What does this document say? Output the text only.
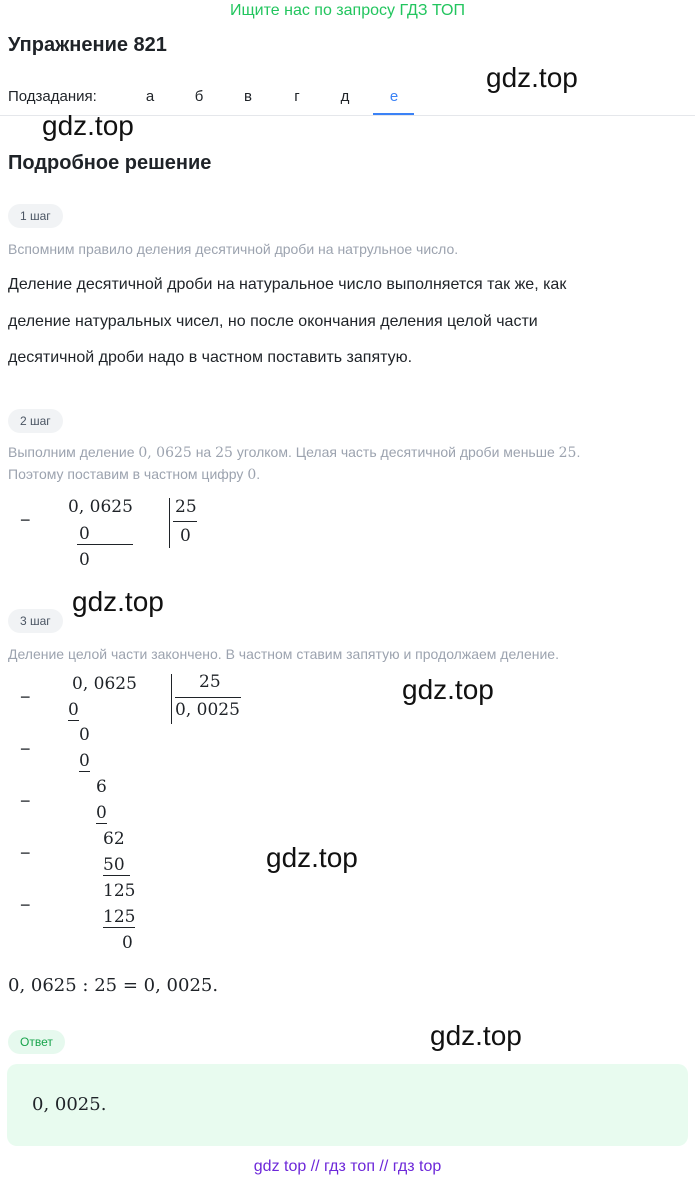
Ищите нас по запросу ГДЗ ТОП
Упражнение 821
Подзадания:	а	б	в	г	д	е
Подробное решение
1 шаг
Вспомним правило деления десятичной дроби на натрульное число.
Деление десятичной дроби на натуральное число выполняется так же, как
деление натуральных чисел, но после окончания деления целой части
десятичной дроби надо в частном поставить запятую.
2 шаг
Выполним деление 0, 0625 на 25 уголком. Целая часть десятичной дроби меньше 25.
Поэтому поставим в частном цифру 0.
−
0, 0625
0
0
25
0
gdz.top
3 шаг
Деление целой части закончено. В частном ставим запятую и продолжаем деление.
−
−
−
−
−
0, 0625	25
0, 0025
0
0
0
6
0
62
50
125
125
0
gdz.top
gdz.top
gdz.top
gdz.top
0, 0625 : 25 = 0, 0025.
Ответ	gdz.top
0, 0025.
gdz top // гдз топ // гдз top
